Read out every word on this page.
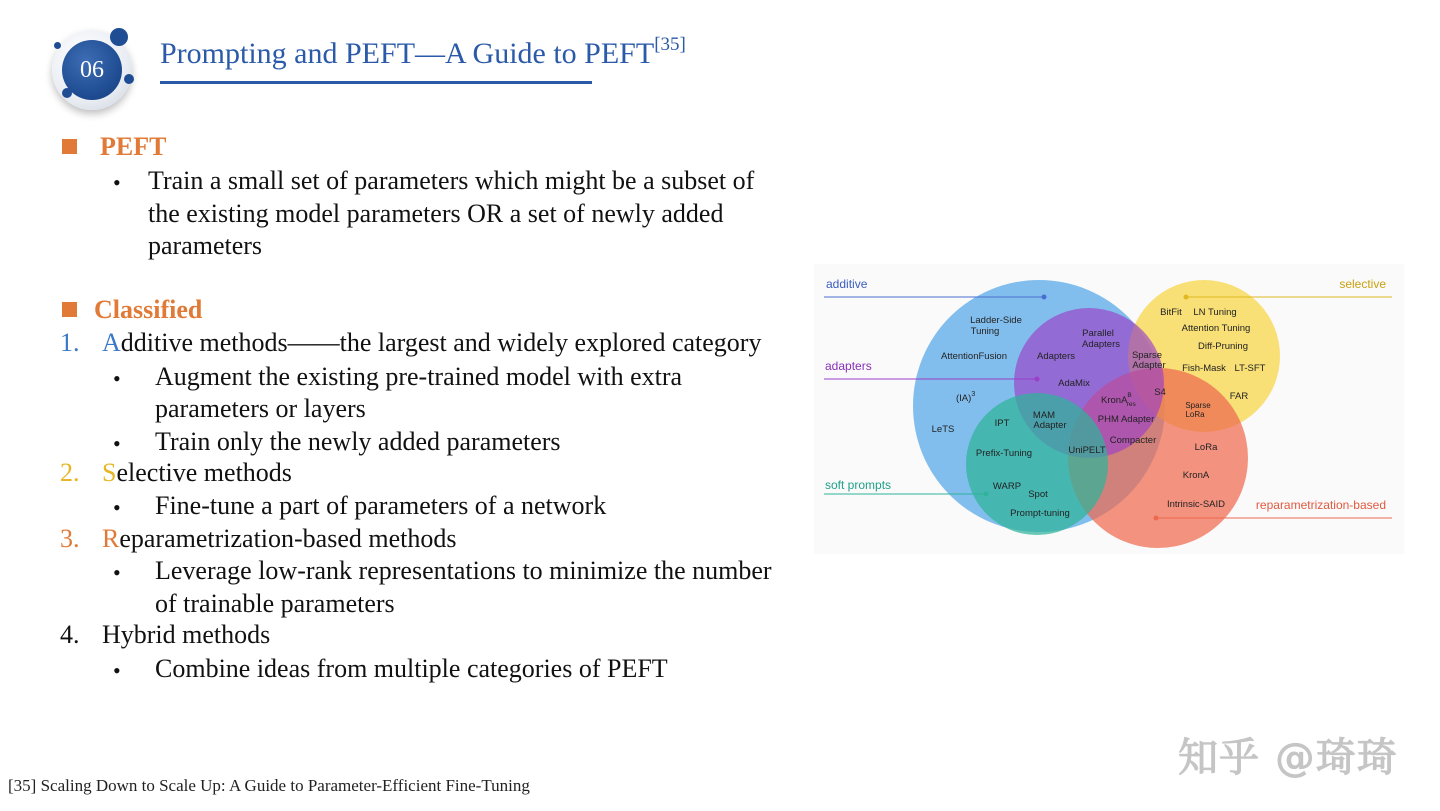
06	Prompting and PEFT—A Guide to PEFT[35]
PEFT
• Train a small set of parameters which might be a subset of
the existing model parameters OR a set of newly added
parameters
Classified
1. Additive methods——the largest and widely explored category
• Augment the existing pre-trained model with extra
parameters or layers
• Train only the newly added parameters
2. Selective methods
• Fine-tune a part of parameters of a network
3. Reparametrization-based methods
• Leverage low-rank representations to minimize the number
of trainable parameters
4. Hybrid methods
• Combine ideas from multiple categories of PEFT
additive
adapters
soft prompts
selective
reparametrization-based
Ladder-Side
Tuning
AttentionFusion
(IA)$^3$
LeTS
Adapters
Parallel
Adapters
AdaMix
Sparse
Adapter
S4
KronA$^B$ res
PHM Adapter
Compacter
MAM
Adapter
IPT
Prefix-Tuning	UniPELT
WARP
Spot
Prompt-tuning
BitFit LN Tuning
Attention Tuning
Diff-Pruning
Fish-Mask LT-SFT
FAR
Sparse
LoRa
LoRa
KronA
Intrinsic-SAID
[35] Scaling Down to Scale Up: A Guide to Parameter-Efficient Fine-Tuning
知乎 @琦琦
